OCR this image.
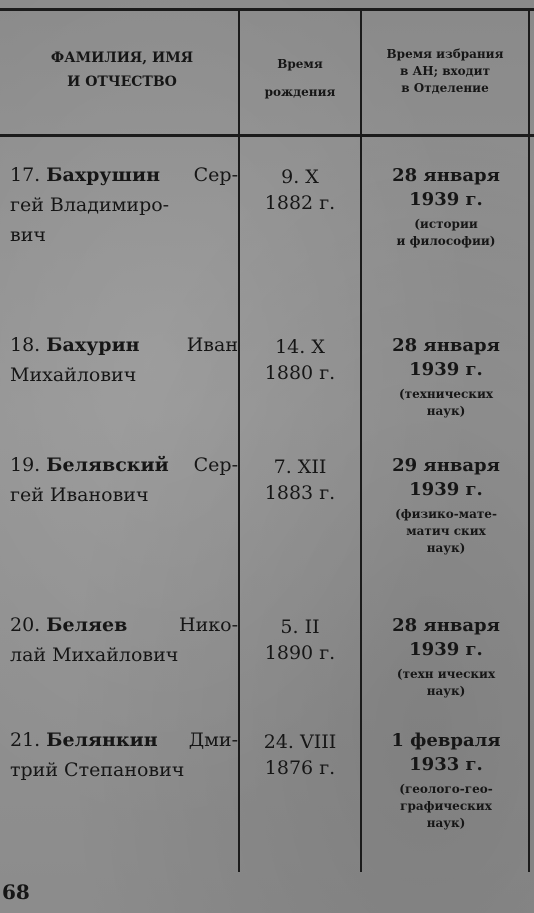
ФАМИЛИЯ, ИМЯ
И ОТЧЕСТВО
Время
рождения
Время избрания
в АН; входит
в Отделение
17. Бахрушин Сер-
гей Владимиро-
вич
9. X
1882 г.
28 января
1939 г.
(истории
и философии)
18. Бахурин Иван
Михайлович
14. X
1880 г.
28 января
1939 г.
(технических
наук)
19. Белявский Сер-
гей Иванович
7. XII
1883 г.
29 января
1939 г.
(физико-мате-
матич ских
наук)
20. Беляев	Нико-
лай Михайлович
5. II
1890 г.
28 января
1939 г.
(техн ических
наук)
21. Белянкин Дми-
трий Степанович
24. VIII
1876 г.
1 февраля
1933 г.
(геолого-гео-
графических
наук)
68
